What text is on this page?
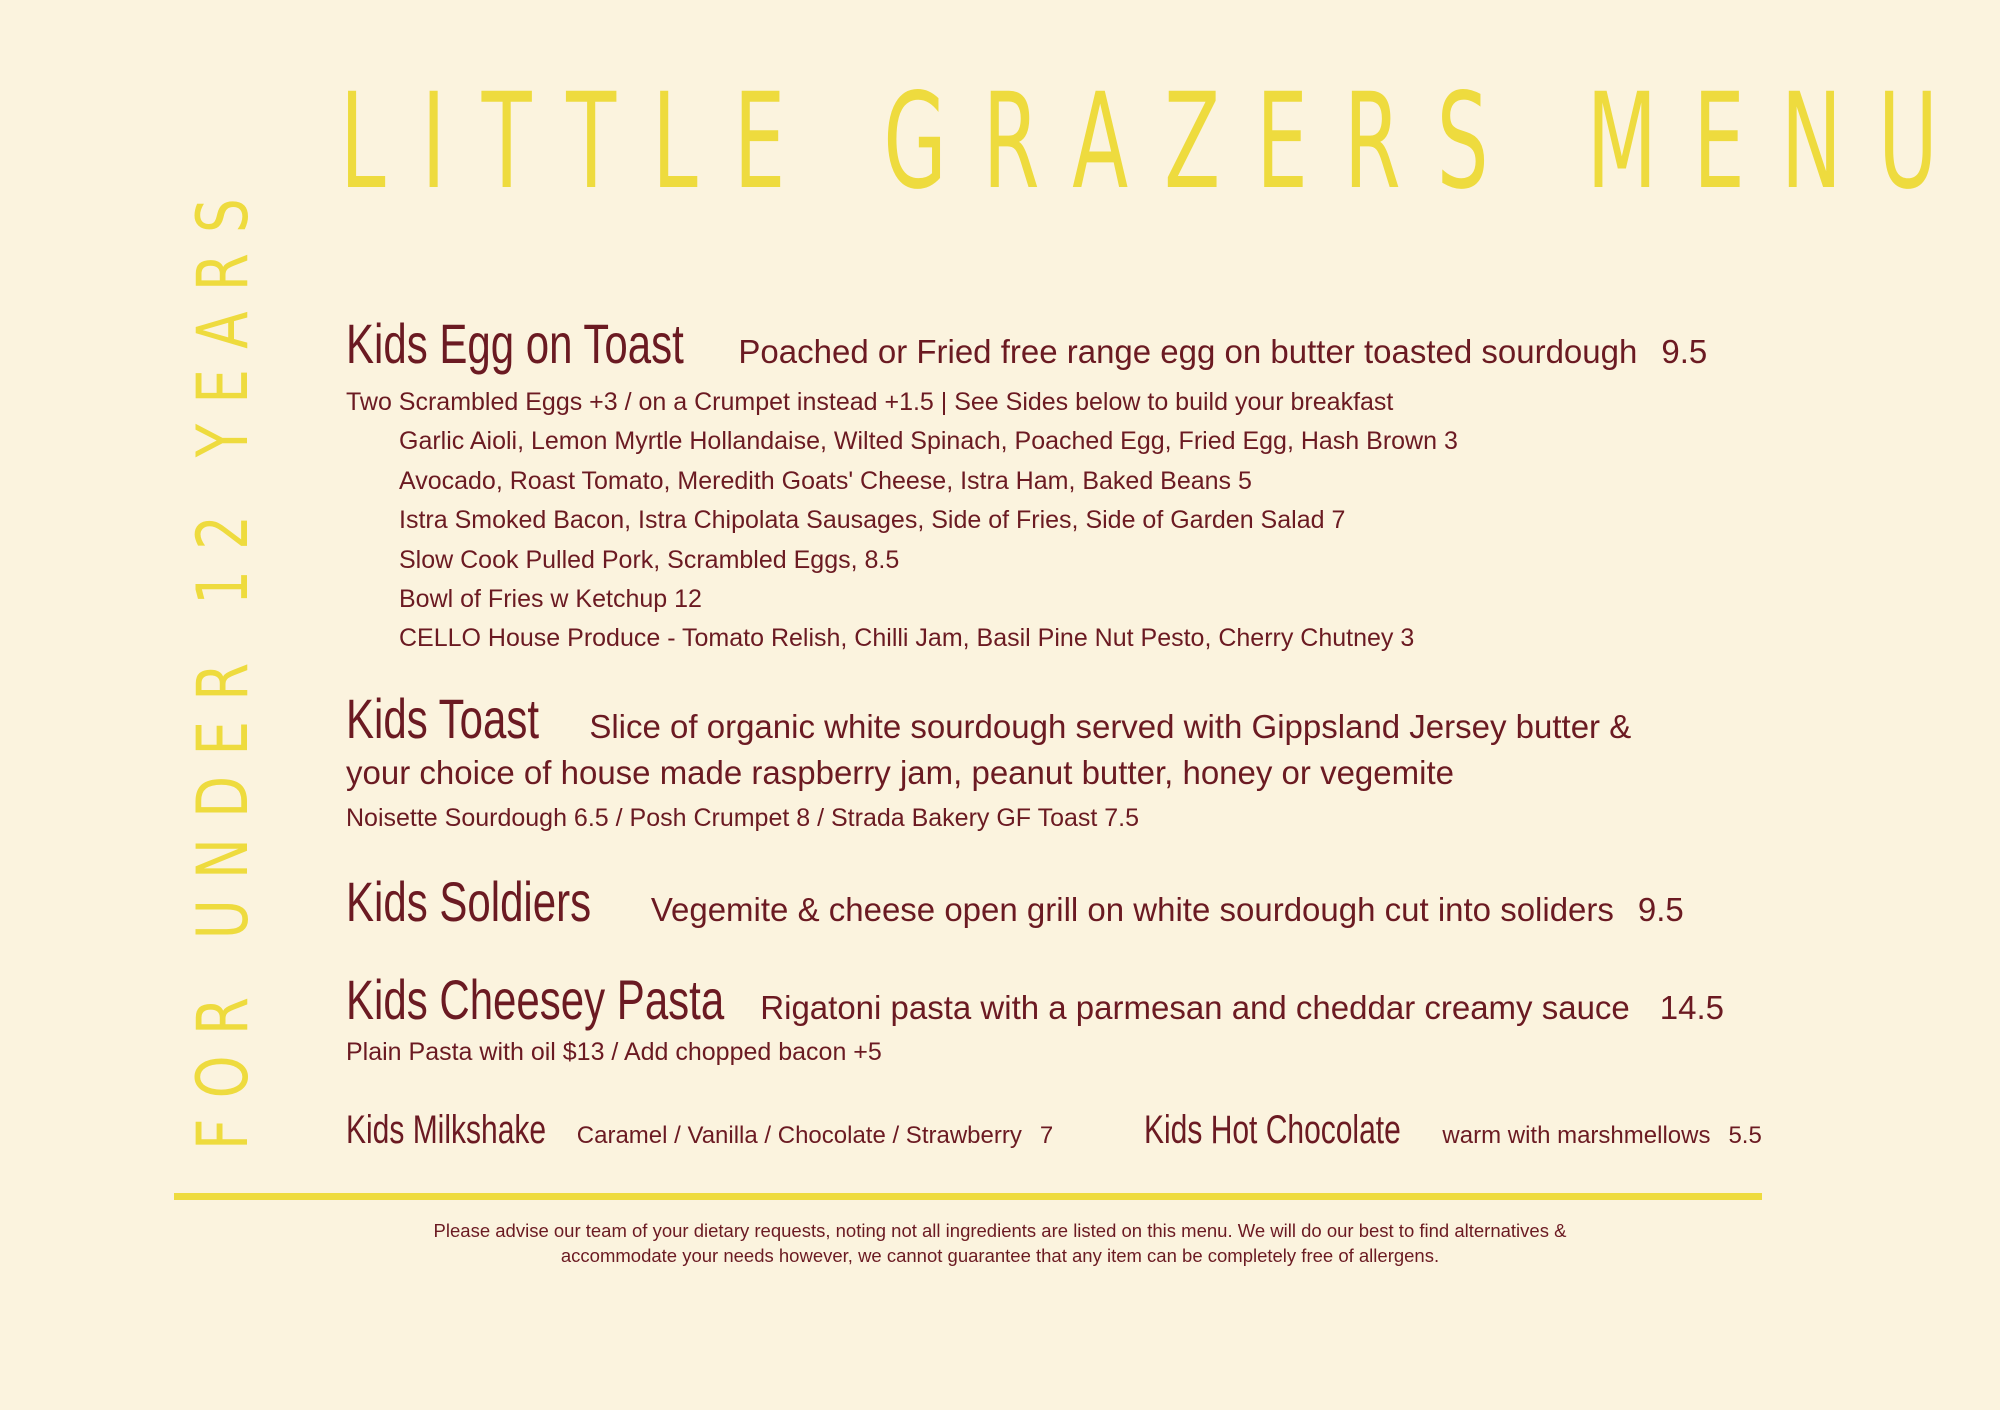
LITTLE GRAZERS MENU
FOR UNDER 12 YEARS Kids Egg on Toast Poached or Fried free range egg on butter toasted sourdough 9.5
Two Scrambled Eggs +3 / on a Crumpet instead +1.5 | See Sides below to build your breakfast
Garlic Aioli, Lemon Myrtle Hollandaise, Wilted Spinach, Poached Egg, Fried Egg, Hash Brown 3
Avocado, Roast Tomato, Meredith Goats' Cheese, Istra Ham, Baked Beans 5
Istra Smoked Bacon, Istra Chipolata Sausages, Side of Fries, Side of Garden Salad 7
Slow Cook Pulled Pork, Scrambled Eggs, 8.5
Bowl of Fries w Ketchup 12
CELLO House Produce - Tomato Relish, Chilli Jam, Basil Pine Nut Pesto, Cherry Chutney 3
Kids Toast Slice of organic white sourdough served with Gippsland Jersey butter &
your choice of house made raspberry jam, peanut butter, honey or vegemite
Noisette Sourdough 6.5 / Posh Crumpet 8 / Strada Bakery GF Toast 7.5
Kids Soldiers Vegemite & cheese open grill on white sourdough cut into soliders 9.5
Kids Cheesey Pasta Rigatoni pasta with a parmesan and cheddar creamy sauce 14.5
Plain Pasta with oil $13 / Add chopped bacon +5
Kids Milkshake Caramel / Vanilla / Chocolate / Strawberry 7 Kids Hot Chocolate warm with marshmellows 5.5
Please advise our team of your dietary requests, noting not all ingredients are listed on this menu. We will do our best to find alternatives &
accommodate your needs however, we cannot guarantee that any item can be completely free of allergens.
